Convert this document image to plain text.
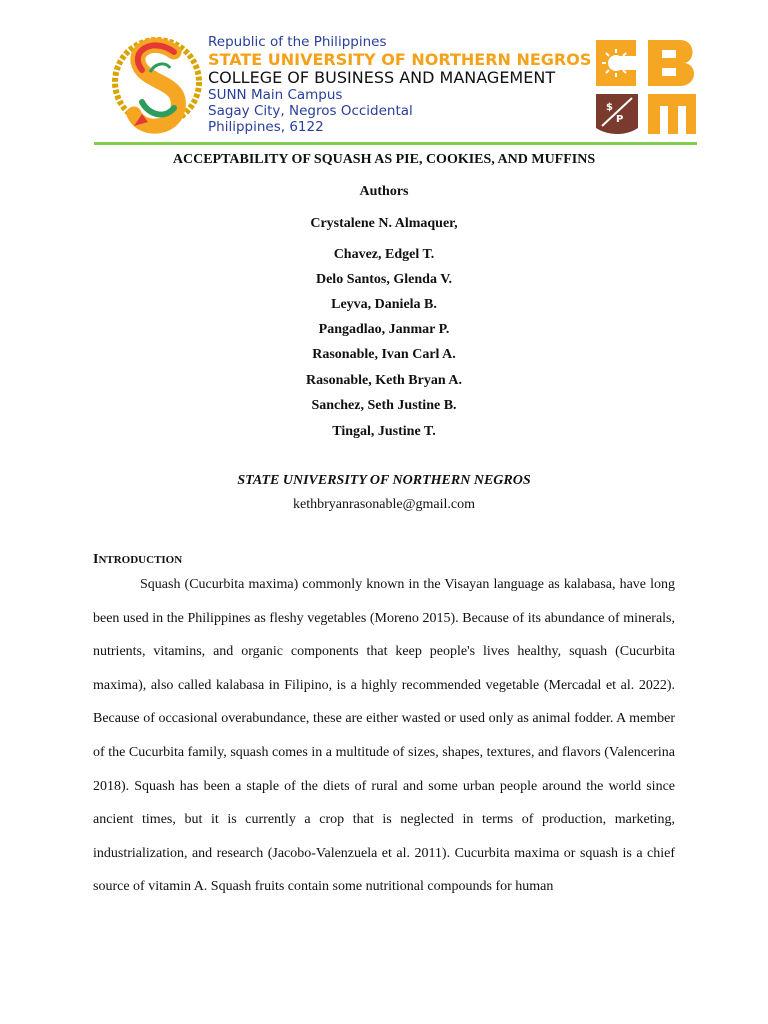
Republic of the Philippines
STATE UNIVERSITY OF NORTHERN NEGROS
COLLEGE OF BUSINESS AND MANAGEMENT
SUNN Main Campus
Sagay City, Negros Occidental
Philippines, 6122
$
P
ACCEPTABILITY OF SQUASH AS PIE, COOKIES, AND MUFFINS
Authors
Crystalene N. Almaquer,
Chavez, Edgel T.
Delo Santos, Glenda V.
Leyva, Daniela B.
Pangadlao, Janmar P.
Rasonable, Ivan Carl A.
Rasonable, Keth Bryan A.
Sanchez, Seth Justine B.
Tingal, Justine T.
STATE UNIVERSITY OF NORTHERN NEGROS
kethbryanrasonable@gmail.com
INTRODUCTION

Squash (Cucurbita maxima) commonly known in the Visayan language as kalabasa, have long been used in the Philippines as fleshy vegetables (Moreno 2015). Because of its abundance of minerals, nutrients, vitamins, and organic components that keep people's lives healthy, squash (Cucurbita maxima), also called kalabasa in Filipino, is a highly recommended vegetable (Mercadal et al. 2022). Because of occasional overabundance, these are either wasted or used only as animal fodder. A member of the Cucurbita family, squash comes in a multitude of sizes, shapes, textures, and flavors (Valencerina 2018). Squash has been a staple of the diets of rural and some urban people around the world since ancient times, but it is currently a crop that is neglected in terms of production, marketing, industrialization, and research (Jacobo-Valenzuela et al. 2011). Cucurbita maxima or squash is a chief source of vitamin A. Squash fruits contain some nutritional compounds for human
